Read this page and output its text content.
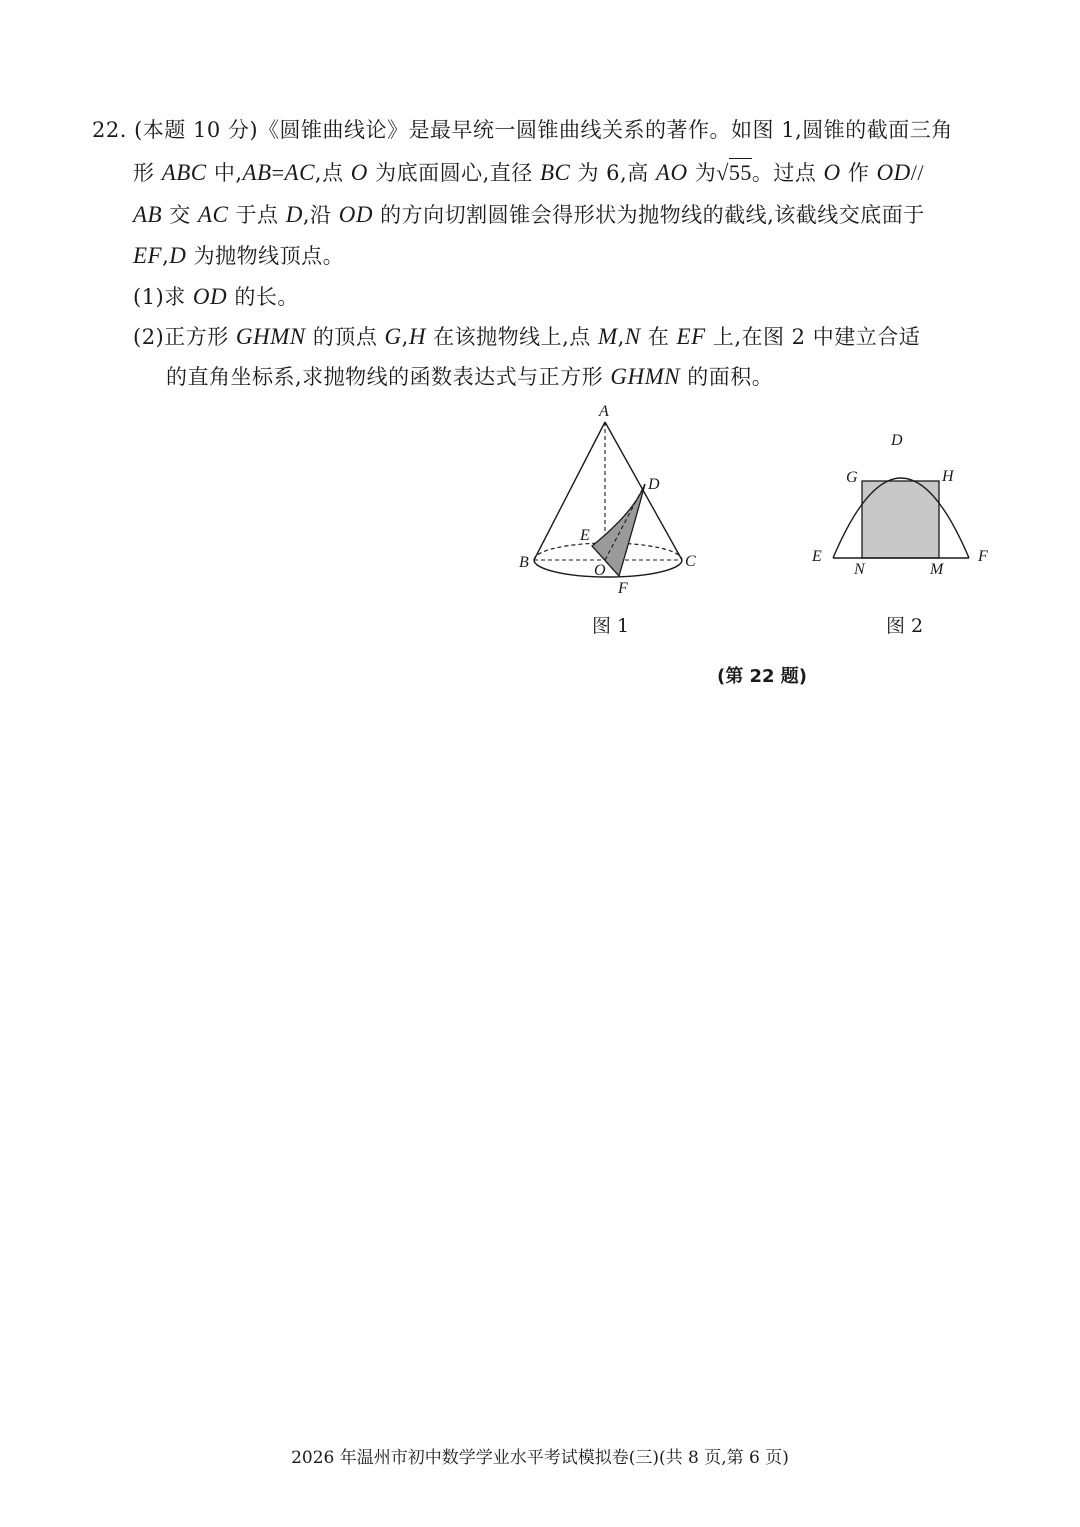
22. (本题 10 分)《圆锥曲线论》是最早统一圆锥曲线关系的著作。如图 1,圆锥的截面三角
形 ABC 中,AB=AC,点 O 为底面圆心,直径 BC 为 6,高 AO 为√55。过点 O 作 OD//
AB 交 AC 于点 D,沿 OD 的方向切割圆锥会得形状为抛物线的截线,该截线交底面于
EF,D 为抛物线顶点。
(1)求 OD 的长。
(2)正方形 GHMN 的顶点 G,H 在该抛物线上,点 M,N 在 EF 上,在图 2 中建立合适
的直角坐标系,求抛物线的函数表达式与正方形 GHMN 的面积。
A
B	C
D
E
O
F
图 1
D
G	H
E
N	M
F
图 2
(第 22 题)
2026 年温州市初中数学学业水平考试模拟卷(三)(共 8 页,第 6 页)
